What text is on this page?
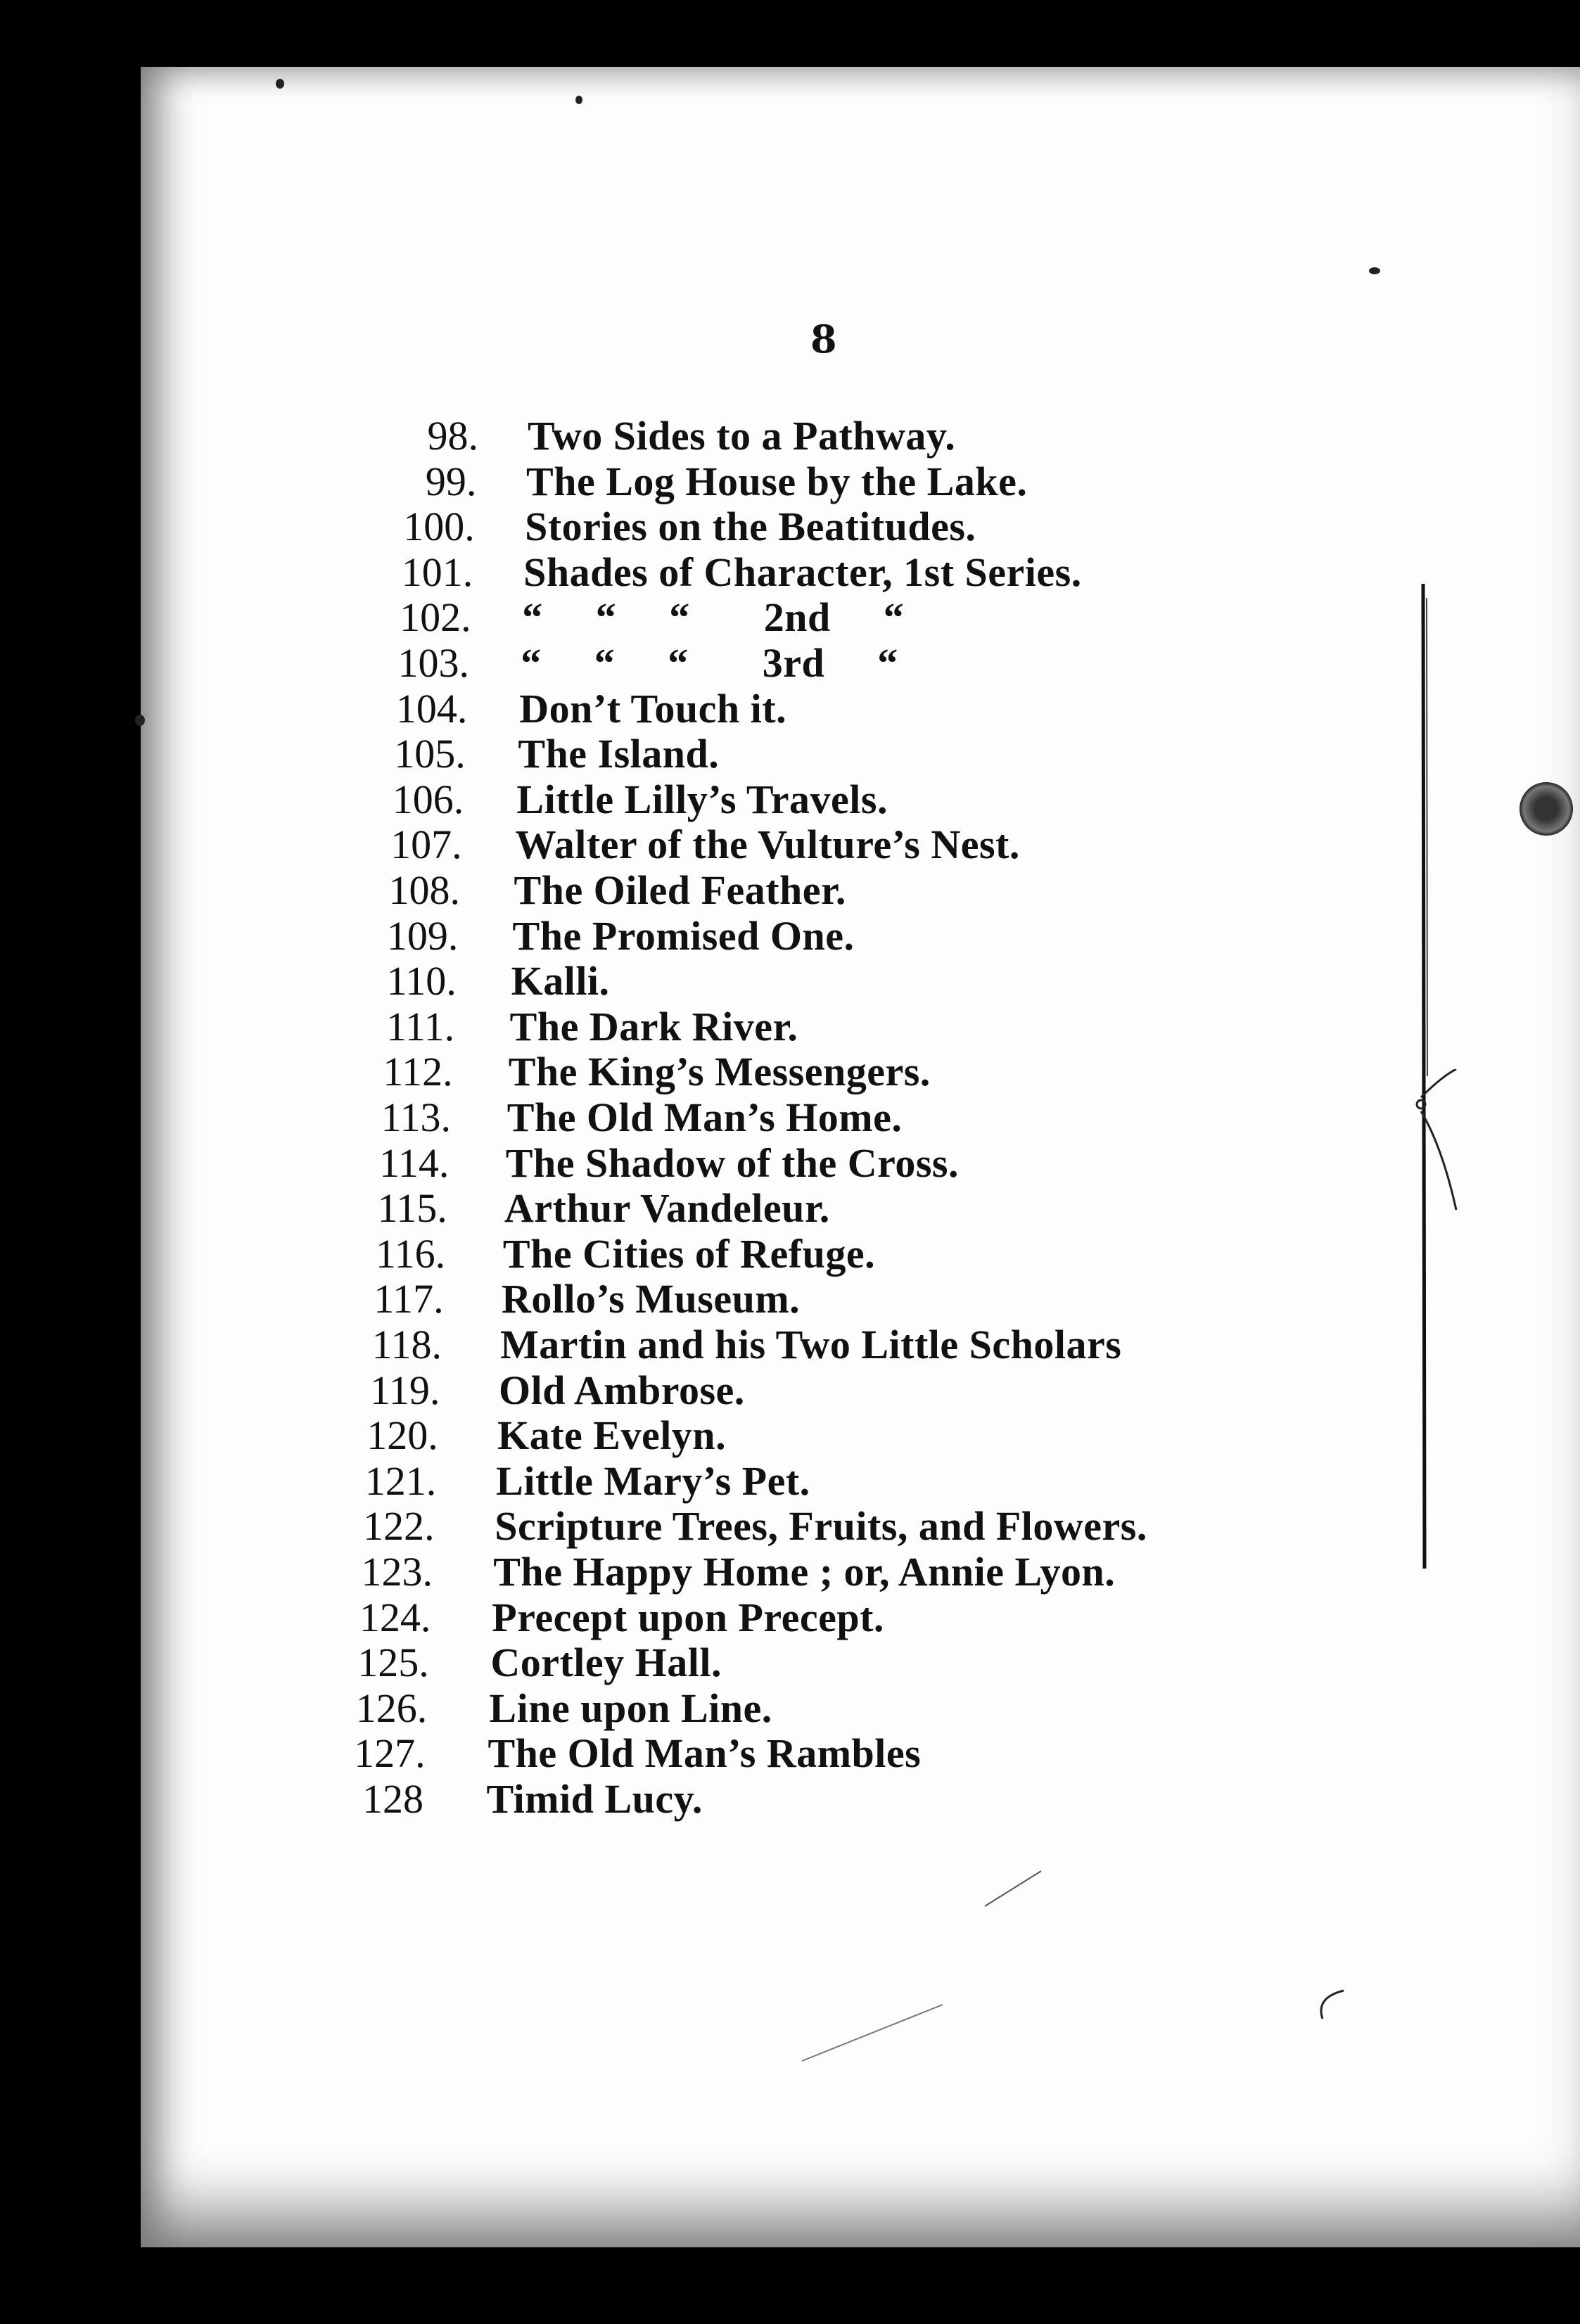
8
98. Two Sides to a Pathway.
99. The Log House by the Lake.
100. Stories on the Beatitudes.
101. Shades of Character, 1st Series.
102. “     “     “       2nd     “
103. “     “     “       3rd     “
104. Don’t Touch it.
105. The Island.
106. Little Lilly’s Travels.
107. Walter of the Vulture’s Nest.
108. The Oiled Feather.
109. The Promised One.
110. Kalli.
111. The Dark River.
112. The King’s Messengers.
113. The Old Man’s Home.
114. The Shadow of the Cross.
115. Arthur Vandeleur.
116. The Cities of Refuge.
117. Rollo’s Museum.
118. Martin and his Two Little Scholars
119. Old Ambrose.
120. Kate Evelyn.
121. Little Mary’s Pet.
122. Scripture Trees, Fruits, and Flowers.
123. The Happy Home ; or, Annie Lyon.
124. Precept upon Precept.
125. Cortley Hall.
126. Line upon Line.
127. The Old Man’s Rambles
128 Timid Lucy.
